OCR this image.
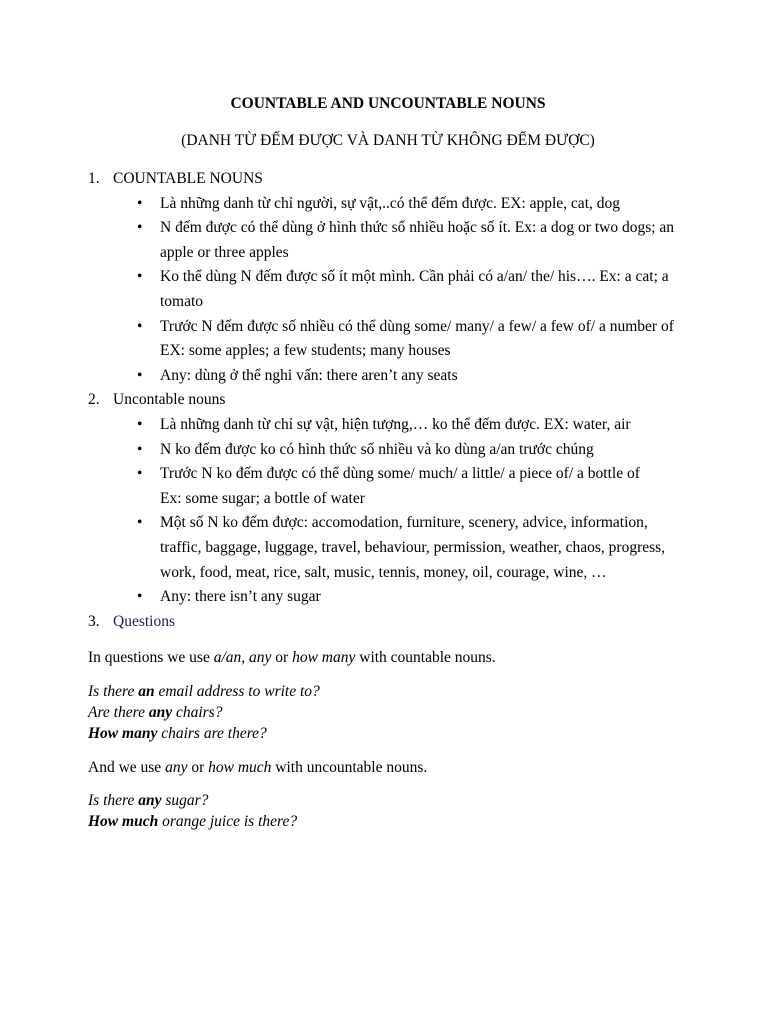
COUNTABLE AND UNCOUNTABLE NOUNS

(DANH TỪ ĐẾM ĐƯỢC VÀ DANH TỪ KHÔNG ĐẾM ĐƯỢC)

1. COUNTABLE NOUNS
• Là những danh từ chỉ người, sự vật,..có thể đếm được. EX: apple, cat, dog
• N đếm được có thể dùng ở hình thức số nhiều hoặc số ít. Ex: a dog or two dogs; an apple or three apples
• Ko thể dùng N đếm được số ít một mình. Cần phải có a/an/ the/ his…. Ex: a cat; a tomato
• Trước N đếm được số nhiều có thể dùng some/ many/ a few/ a few of/ a number of
EX: some apples; a few students; many houses
• Any: dùng ở thể nghi vấn: there aren’t any seats
2. Uncontable nouns
• Là những danh từ chỉ sự vật, hiện tượng,… ko thể đếm được. EX: water, air
• N ko đếm được ko có hình thức số nhiều và ko dùng a/an trước chúng
• Trước N ko đếm được có thể dùng some/ much/ a little/ a piece of/ a bottle of
Ex: some sugar; a bottle of water
• Một số N ko đếm được: accomodation, furniture, scenery, advice, information, traffic, baggage, luggage, travel, behaviour, permission, weather, chaos, progress, work, food, meat, rice, salt, music, tennis, money, oil, courage, wine, …
• Any: there isn’t any sugar
3. Questions

In questions we use a/an, any or how many with countable nouns.

Is there an email address to write to?
Are there any chairs?
How many chairs are there?

And we use any or how much with uncountable nouns.

Is there any sugar?
How much orange juice is there?
